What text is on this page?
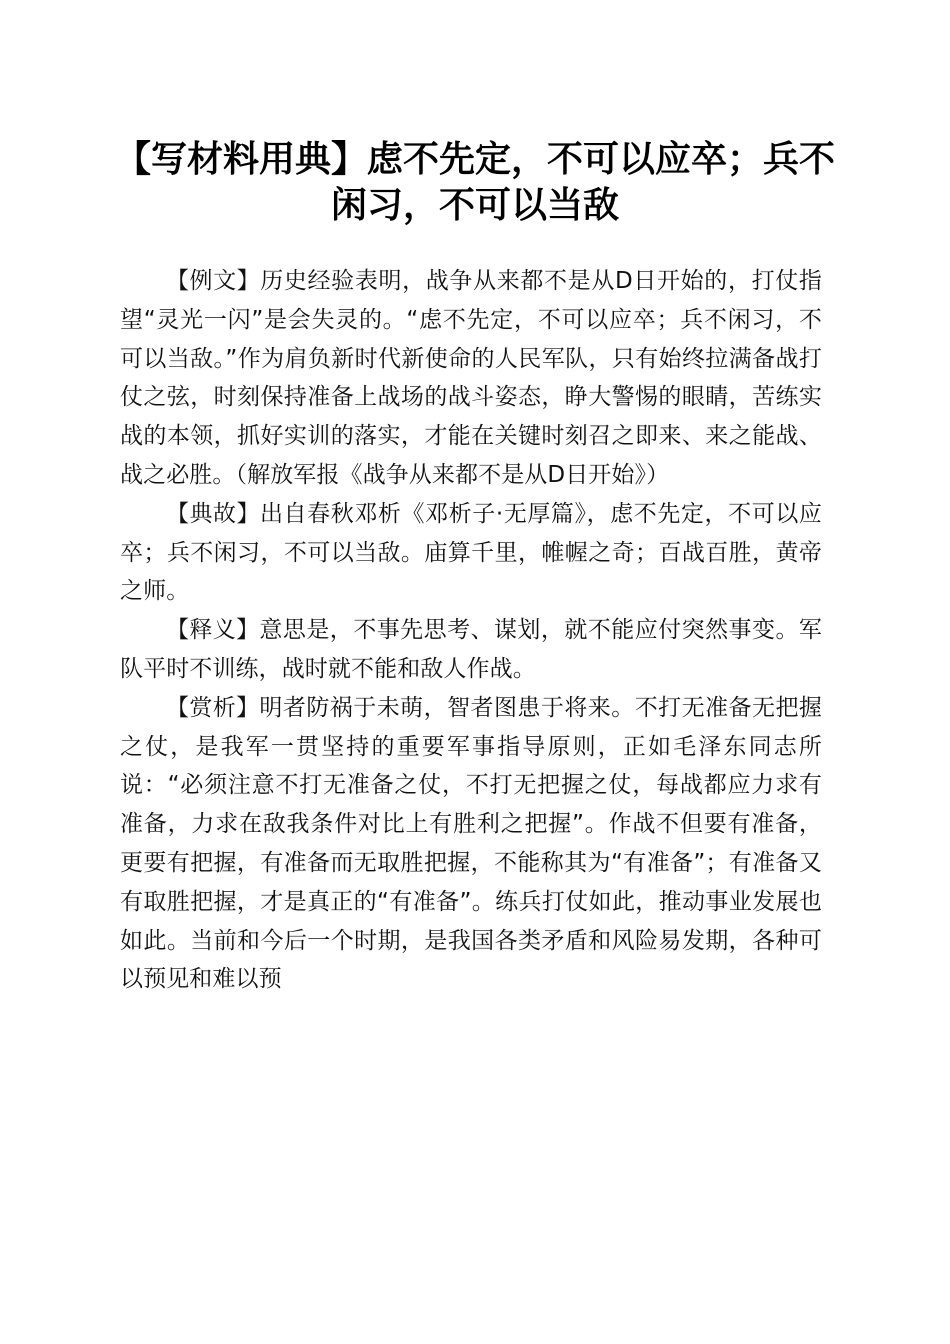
【写材料用典】虑不先定，不可以应卒；兵不
闲习，不可以当敌

【例文】历史经验表明，战争从来都不是从D日开始的，打仗指望“灵光一闪”是会失灵的。“虑不先定，不可以应卒；兵不闲习，不可以当敌。”作为肩负新时代新使命的人民军队，只有始终拉满备战打仗之弦，时刻保持准备上战场的战斗姿态，睁大警惕的眼睛，苦练实战的本领，抓好实训的落实，才能在关键时刻召之即来、来之能战、战之必胜。（解放军报《战争从来都不是从D日开始》）

【典故】出自春秋邓析《邓析子·无厚篇》，虑不先定，不可以应卒；兵不闲习，不可以当敌。庙算千里，帷幄之奇；百战百胜，黄帝之师。

【释义】意思是，不事先思考、谋划，就不能应付突然事变。军队平时不训练，战时就不能和敌人作战。

【赏析】明者防祸于未萌，智者图患于将来。不打无准备无把握之仗，是我军一贯坚持的重要军事指导原则，正如毛泽东同志所说：“必须注意不打无准备之仗，不打无把握之仗，每战都应力求有准备，力求在敌我条件对比上有胜利之把握”。作战不但要有准备，更要有把握，有准备而无取胜把握，不能称其为“有准备”；有准备又有取胜把握，才是真正的“有准备”。练兵打仗如此，推动事业发展也如此。当前和今后一个时期，是我国各类矛盾和风险易发期，各种可以预见和难以预
